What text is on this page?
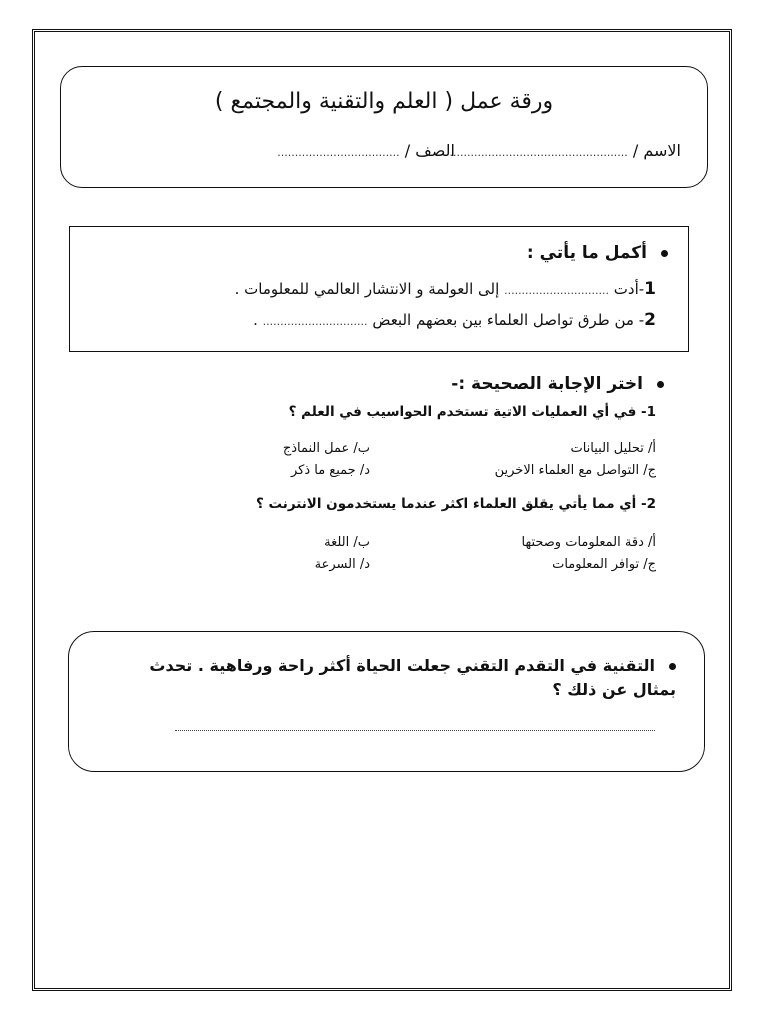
ورقة عمل ( العلم والتقنية والمجتمع )
الاسم / ...................................................
الصف / ...................................
أكمل ما يأتي :
1-أدت .............................. إلى العولمة و الانتشار العالمي للمعلومات .
2- من طرق تواصل العلماء بين بعضهم البعض .............................. .
اختر الإجابة الصحيحة :-
1- في أي العمليات الاتية تستخدم الحواسيب في العلم ؟
أ/ تحليل البيانات
ب/ عمل النماذج
ج/ التواصل مع العلماء الاخرين
د/ جميع ما ذكر
2- أي مما يأتي يقلق العلماء اكثر عندما يستخدمون الانترنت ؟
أ/ دقة المعلومات وصحتها
ب/ اللغة
ج/ توافر المعلومات
د/ السرعة
التقنية في التقدم التقني جعلت الحياة أكثر راحة ورفاهية . تحدث بمثال عن ذلك ؟
